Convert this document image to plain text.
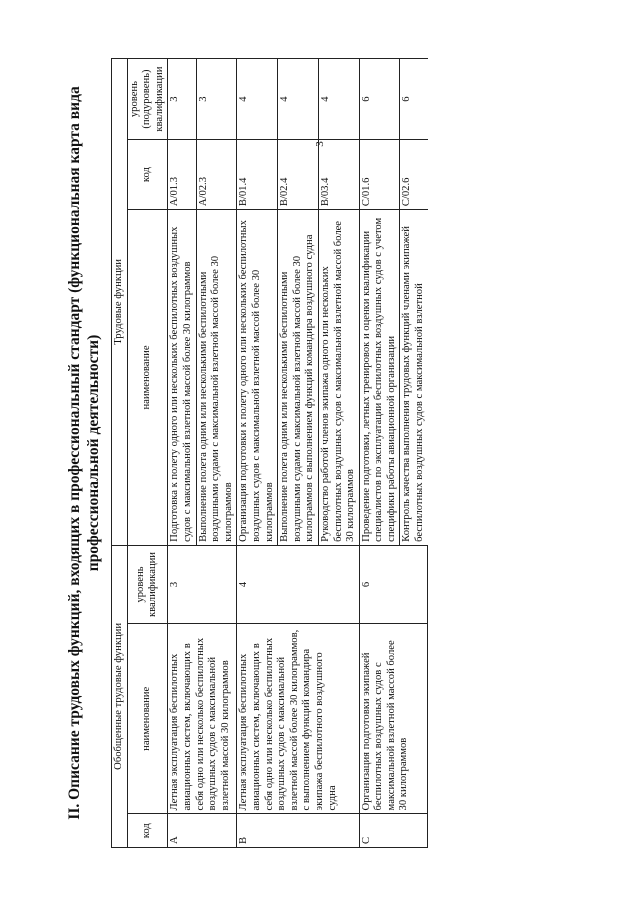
3
II. Описание трудовых функций, входящих в профессиональный стандарт (функциональная карта вида профессиональной деятельности)
Обобщенные трудовые функции			Трудовые функции		
код	наименование	уровень квалификации	наименование	код	уровень (подуровень) квалификации
A	Летная эксплуатация беспилотных авиационных систем, включающих в себя одно или несколько беспилотных воздушных судов с максимальной взлетной массой 30 килограммов	3	Подготовка к полету одного или нескольких беспилотных воздушных судов с максимальной взлетной массой более 30 килограммов	A/01.3	3
			Выполнение полета одним или несколькими беспилотными воздушными судами с максимальной взлетной массой более 30 килограммов	A/02.3	3
B	Летная эксплуатация беспилотных авиационных систем, включающих в себя одно или несколько беспилотных воздушных судов с максимальной взлетной массой более 30 килограммов, с выполнением функций командира экипажа беспилотного воздушного судна	4	Организация подготовки к полету одного или нескольких беспилотных воздушных судов с максимальной взлетной массой более 30 килограммов	B/01.4	4
			Выполнение полета одним или несколькими беспилотными воздушными судами с максимальной взлетной массой более 30 килограммов с выполнением функций командира воздушного судна	B/02.4	4
			Руководство работой членов экипажа одного или нескольких беспилотных воздушных судов с максимальной взлетной массой более 30 килограммов	B/03.4	4
C	Организация подготовки экипажей беспилотных воздушных судов с максимальной взлетной массой более 30 килограммов	6	Проведение подготовки, летных тренировок и оценки квалификации специалистов по эксплуатации беспилотных воздушных судов с учетом специфики работы авиационной организации	C/01.6	6
			Контроль качества выполнения трудовых функций членами экипажей беспилотных воздушных судов с максимальной взлетной	C/02.6	6
